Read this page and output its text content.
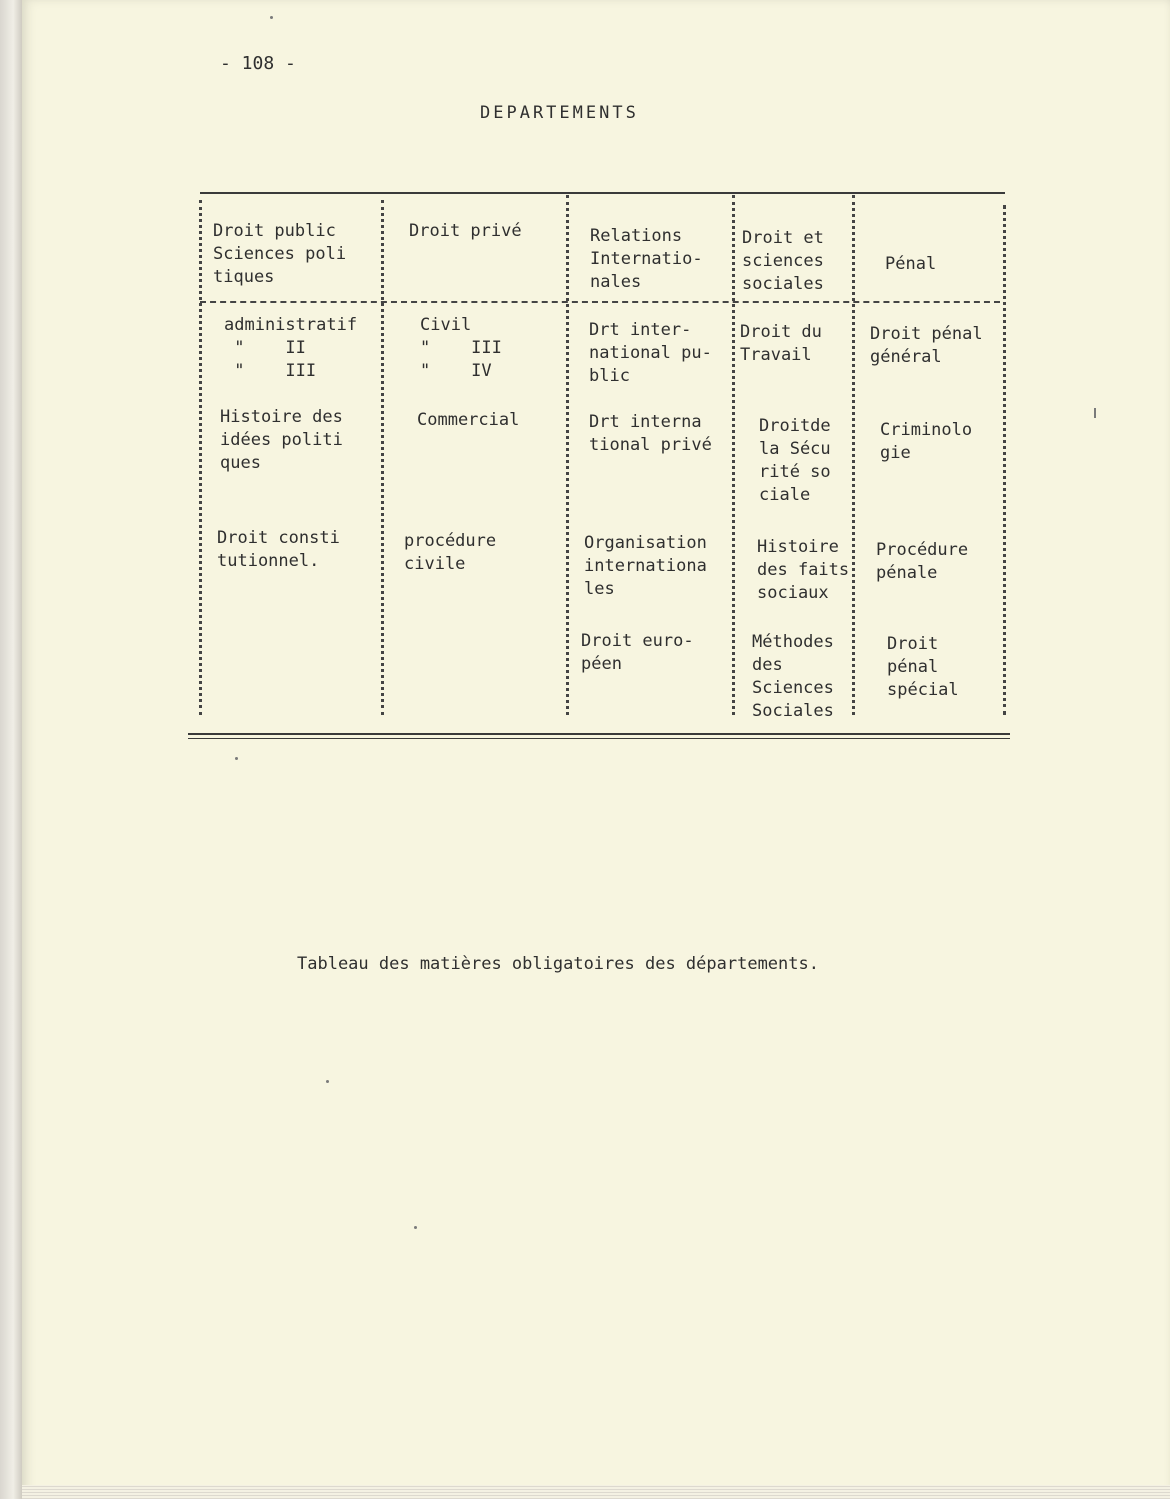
- 108 -
DEPARTEMENTS
Droit public
Sciences poli
tiques
Droit privé	Relations
Internatio-
nales
Droit et
sciences
sociales
Pénal
administratif
"    II
"    III
Civil
"    III
"    IV
Drt inter-
national pu-
blic
Droit du
Travail
Droit pénal
général
Histoire des
idées politi
ques
Commercial	Drt interna
tional privé
Droitde
la Sécu
rité so
ciale
Criminolo
gie
Droit consti
tutionnel.
procédure
civile
Organisation
internationa
les
Histoire
des faits
sociaux
Procédure
pénale
Droit euro-
péen
Méthodes
des
Sciences
Sociales
Droit
pénal
spécial
Tableau des matières obligatoires des départements.
